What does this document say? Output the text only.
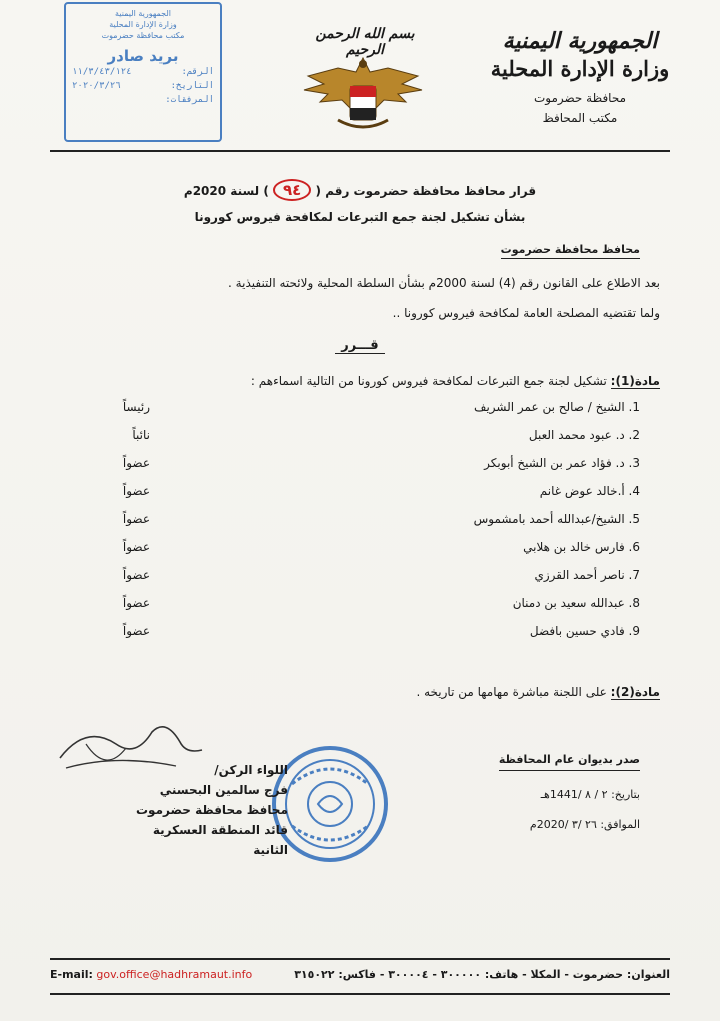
الجمهورية اليمنية
وزارة الإدارة المحلية
محافظة حضرموت
مكتب المحافظ
بسم الله الرحمن الرحيم
الجمهورية اليمنية
وزارة الإدارة المحلية
مكتب محافظة حضرموت
بريد صادر
الرقم:
١١/٣/٤٣/١٢٤
التاريخ:
٢٠٢٠/٣/٢٦
المرفقات:
قرار محافظ محافظة حضرموت رقم ( ٩٤ ) لسنة 2020م
بشأن تشكيل لجنة جمع التبرعات لمكافحة فيروس كورونا
محافظ محافظة حضرموت
بعد الاطلاع على القانون رقم (4) لسنة 2000م بشأن السلطة المحلية ولائحته التنفيذية .
ولما تقتضيه المصلحة العامة لمكافحة فيروس كورونا ..
قـــرر
مادة(1): تشكيل لجنة جمع التبرعات لمكافحة فيروس كورونا من التالية اسماءهم :
1. الشيخ / صالح بن عمر الشريف
رئيساً
2. د. عبود محمد العبل
نائباً
3. د. فؤاد عمر بن الشيخ أبوبكر
عضواً
4. أ.خالد عوض غانم
عضواً
5. الشيخ/عبدالله أحمد بامشموس
عضواً
6. فارس خالد بن هلابي
عضواً
7. ناصر أحمد القرزي
عضواً
8. عبدالله سعيد بن دمنان
عضواً
9. فادي حسين بافضل
عضواً
مادة(2): على اللجنة مباشرة مهامها من تاريخه .
صدر بديوان عام المحافظة
بتاريخ: ٢ / ٨ /1441هـ
الموافق: ٢٦ /٣ /2020م
اللواء الركن/
فرج سالمين البحسني
محافظ محافظة حضرموت
قائد المنطقة العسكرية الثانية
E-mail: gov.office@hadhramaut.info	العنوان: حضرموت - المكلا - هاتف: ٣٠٠٠٠٠ - ٣٠٠٠٠٤ - فاكس: ٣١٥٠٢٢
